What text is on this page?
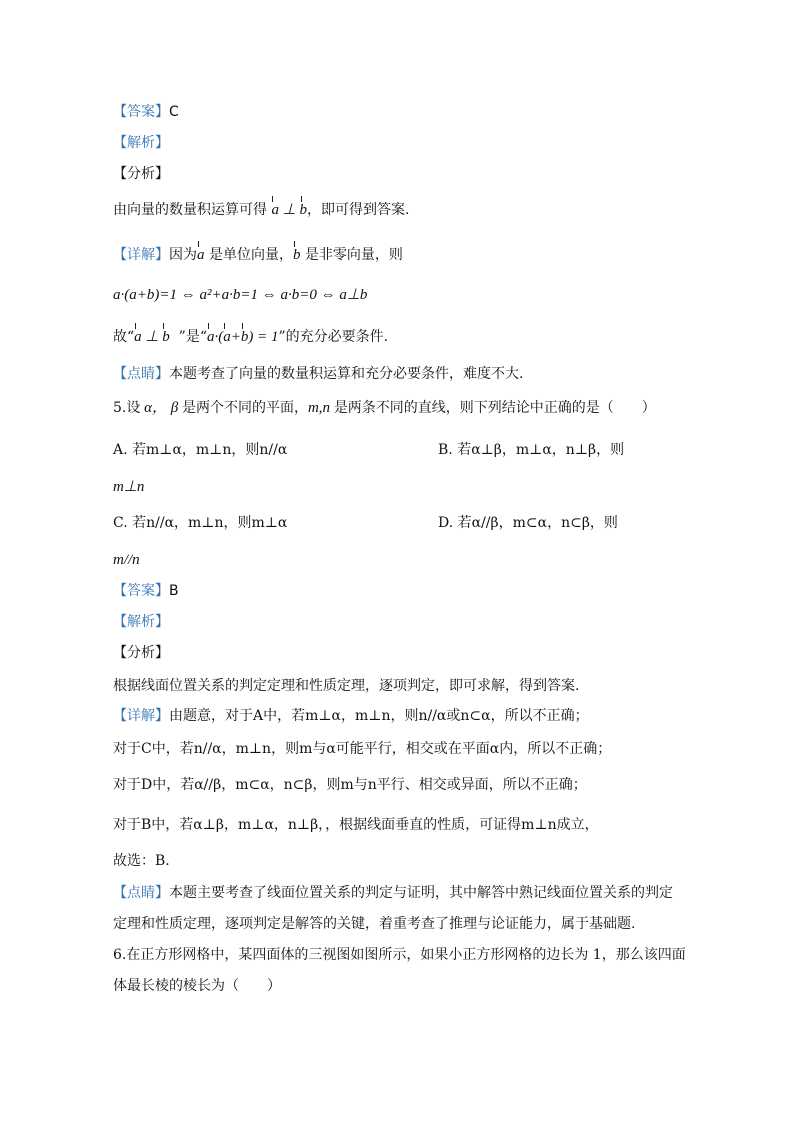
【答案】C
【解析】
【分析】
由向量的数量积运算可得 a ⊥ b，即可得到答案.
【详解】因为a 是单位向量，b 是非零向量，则
a·(a+b)=1 ⇔ a²+a·b=1 ⇔ a·b=0 ⇔ a⊥b
故“a ⊥ b ”是“a·(a+b) = 1”的充分必要条件.
【点睛】本题考查了向量的数量积运算和充分必要条件，难度不大.
5.设 α， β 是两个不同的平面，m,n 是两条不同的直线，则下列结论中正确的是（　　）
A. 若m⊥α，m⊥n，则n//α	B. 若α⊥β，m⊥α，n⊥β，则
m⊥n
C. 若n//α，m⊥n，则m⊥α	D. 若α//β，m⊂α，n⊂β，则
m//n
【答案】B
【解析】
【分析】
根据线面位置关系的判定定理和性质定理，逐项判定，即可求解，得到答案.
【详解】由题意，对于A中，若m⊥α，m⊥n，则n//α或n⊂α，所以不正确；
对于C中，若n//α，m⊥n，则m与α可能平行，相交或在平面α内，所以不正确；
对于D中，若α//β，m⊂α，n⊂β，则m与n平行、相交或异面，所以不正确；
对于B中，若α⊥β，m⊥α，n⊥β，，根据线面垂直的性质，可证得m⊥n成立，
故选：B.
【点睛】本题主要考查了线面位置关系的判定与证明，其中解答中熟记线面位置关系的判定
定理和性质定理，逐项判定是解答的关键，着重考查了推理与论证能力，属于基础题.
6.在正方形网格中，某四面体的三视图如图所示，如果小正方形网格的边长为 1，那么该四面
体最长棱的棱长为（　　）
